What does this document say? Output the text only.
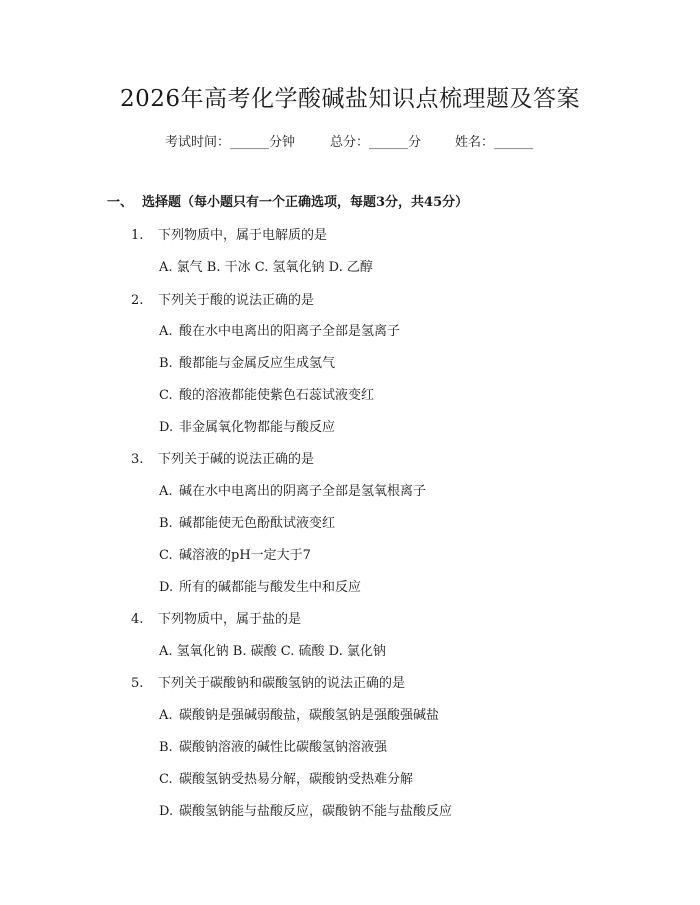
2026年高考化学酸碱盐知识点梳理题及答案
考试时间：______分钟	总分：______分	姓名：______
一、 选择题（每小题只有一个正确选项，每题3分，共45分）
1. 下列物质中，属于电解质的是
A. 氯气 B. 干冰 C. 氢氧化钠 D. 乙醇
2. 下列关于酸的说法正确的是
A. 酸在水中电离出的阳离子全部是氢离子
B. 酸都能与金属反应生成氢气
C. 酸的溶液都能使紫色石蕊试液变红
D. 非金属氧化物都能与酸反应
3. 下列关于碱的说法正确的是
A. 碱在水中电离出的阴离子全部是氢氧根离子
B. 碱都能使无色酚酞试液变红
C. 碱溶液的pH一定大于7
D. 所有的碱都能与酸发生中和反应
4. 下列物质中，属于盐的是
A. 氢氧化钠 B. 碳酸 C. 硫酸 D. 氯化钠
5. 下列关于碳酸钠和碳酸氢钠的说法正确的是
A. 碳酸钠是强碱弱酸盐，碳酸氢钠是强酸强碱盐
B. 碳酸钠溶液的碱性比碳酸氢钠溶液强
C. 碳酸氢钠受热易分解，碳酸钠受热难分解
D. 碳酸氢钠能与盐酸反应，碳酸钠不能与盐酸反应
